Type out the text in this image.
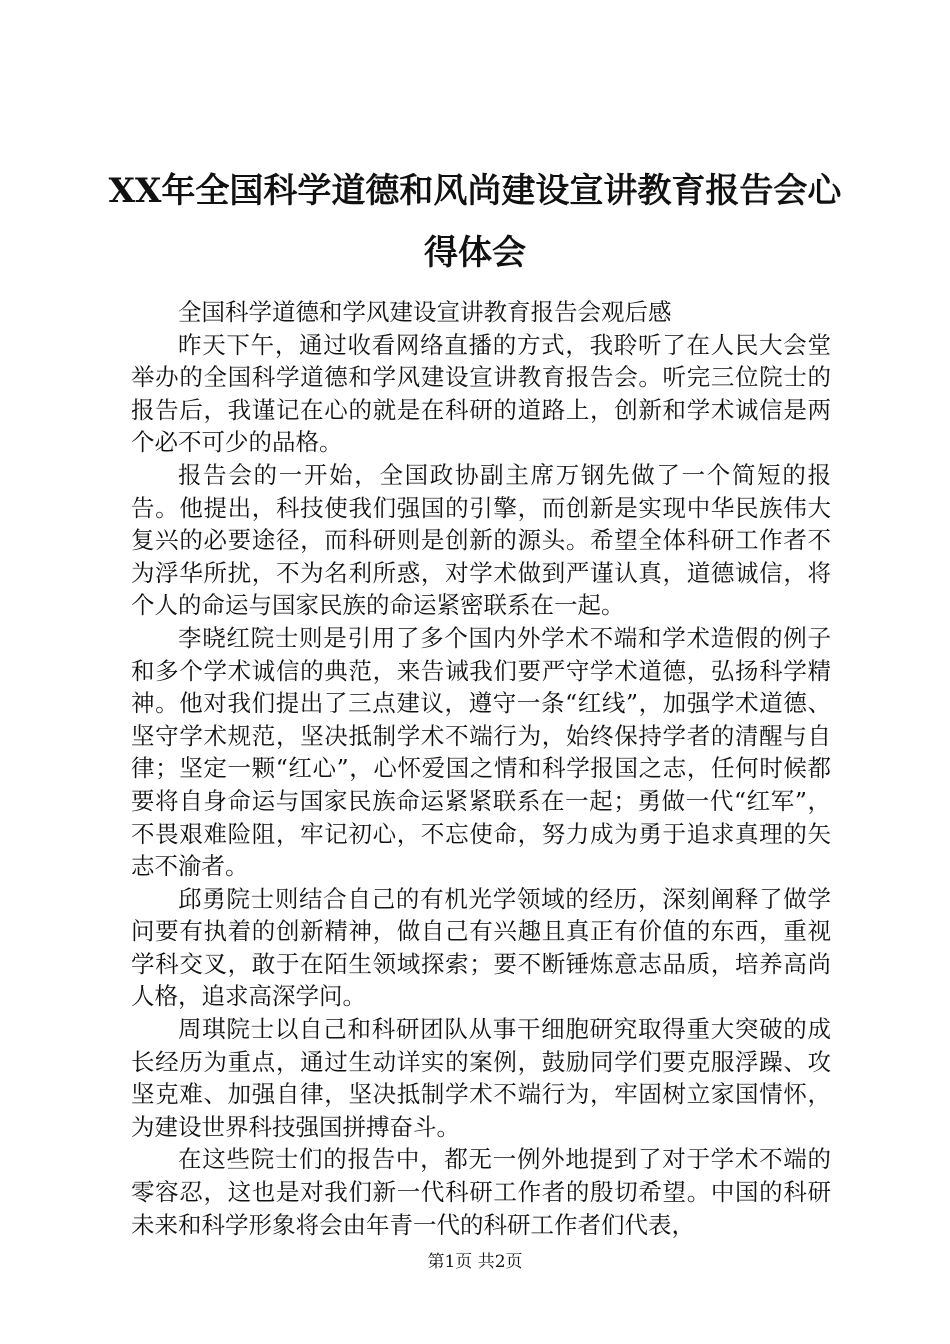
XX年全国科学道德和风尚建设宣讲教育报告会心得体会

全国科学道德和学风建设宣讲教育报告会观后感

昨天下午，通过收看网络直播的方式，我聆听了在人民大会堂举办的全国科学道德和学风建设宣讲教育报告会。听完三位院士的报告后，我谨记在心的就是在科研的道路上，创新和学术诚信是两个必不可少的品格。

报告会的一开始，全国政协副主席万钢先做了一个简短的报告。他提出，科技使我们强国的引擎，而创新是实现中华民族伟大复兴的必要途径，而科研则是创新的源头。希望全体科研工作者不为浮华所扰，不为名利所惑，对学术做到严谨认真，道德诚信，将个人的命运与国家民族的命运紧密联系在一起。

李晓红院士则是引用了多个国内外学术不端和学术造假的例子和多个学术诚信的典范，来告诫我们要严守学术道德，弘扬科学精神。他对我们提出了三点建议，遵守一条“红线”，加强学术道德、坚守学术规范，坚决抵制学术不端行为，始终保持学者的清醒与自律；坚定一颗“红心”，心怀爱国之情和科学报国之志，任何时候都要将自身命运与国家民族命运紧紧联系在一起；勇做一代“红军”，不畏艰难险阻，牢记初心，不忘使命，努力成为勇于追求真理的矢志不渝者。

邱勇院士则结合自己的有机光学领域的经历，深刻阐释了做学问要有执着的创新精神，做自己有兴趣且真正有价值的东西，重视学科交叉，敢于在陌生领域探索；要不断锤炼意志品质，培养高尚人格，追求高深学问。

周琪院士以自己和科研团队从事干细胞研究取得重大突破的成长经历为重点，通过生动详实的案例，鼓励同学们要克服浮躁、攻坚克难、加强自律，坚决抵制学术不端行为，牢固树立家国情怀，为建设世界科技强国拼搏奋斗。

在这些院士们的报告中，都无一例外地提到了对于学术不端的零容忍，这也是对我们新一代科研工作者的殷切希望。中国的科研未来和科学形象将会由年青一代的科研工作者们代表，

第1页 共2页
